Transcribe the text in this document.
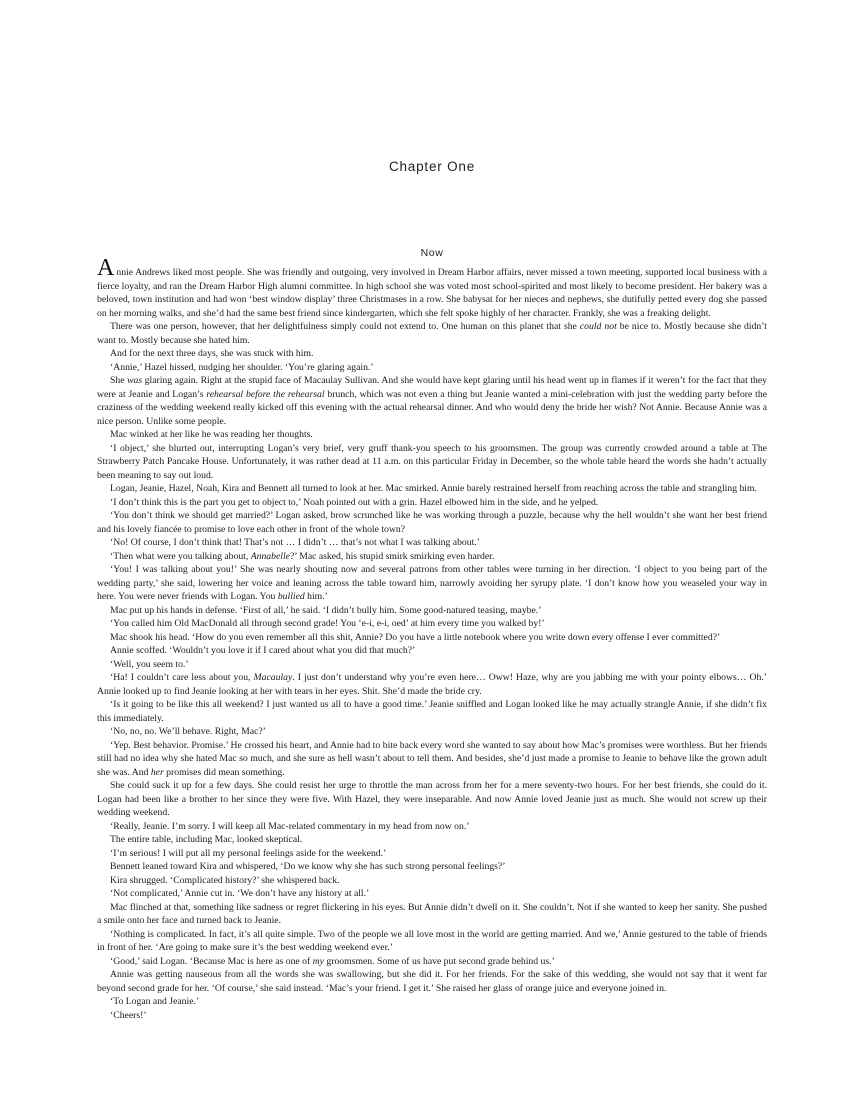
Chapter One
Now

Annie Andrews liked most people. She was friendly and outgoing, very involved in Dream Harbor affairs, never missed a town meeting, supported local business with a fierce loyalty, and ran the Dream Harbor High alumni committee. In high school she was voted most school-spirited and most likely to become president. Her bakery was a beloved, town institution and had won ‘best window display’ three Christmases in a row. She babysat for her nieces and nephews, she dutifully petted every dog she passed on her morning walks, and she’d had the same best friend since kindergarten, which she felt spoke highly of her character. Frankly, she was a freaking delight.

There was one person, however, that her delightfulness simply could not extend to. One human on this planet that she could not be nice to. Mostly because she didn’t want to. Mostly because she hated him.

And for the next three days, she was stuck with him.

‘Annie,’ Hazel hissed, nudging her shoulder. ‘You’re glaring again.’

She was glaring again. Right at the stupid face of Macaulay Sullivan. And she would have kept glaring until his head went up in flames if it weren’t for the fact that they were at Jeanie and Logan’s rehearsal before the rehearsal brunch, which was not even a thing but Jeanie wanted a mini-celebration with just the wedding party before the craziness of the wedding weekend really kicked off this evening with the actual rehearsal dinner. And who would deny the bride her wish? Not Annie. Because Annie was a nice person. Unlike some people.

Mac winked at her like he was reading her thoughts.

‘I object,’ she blurted out, interrupting Logan’s very brief, very gruff thank-you speech to his groomsmen. The group was currently crowded around a table at The Strawberry Patch Pancake House. Unfortunately, it was rather dead at 11 a.m. on this particular Friday in December, so the whole table heard the words she hadn’t actually been meaning to say out loud.

Logan, Jeanie, Hazel, Noah, Kira and Bennett all turned to look at her. Mac smirked. Annie barely restrained herself from reaching across the table and strangling him.

‘I don’t think this is the part you get to object to,’ Noah pointed out with a grin. Hazel elbowed him in the side, and he yelped.

‘You don’t think we should get married?’ Logan asked, brow scrunched like he was working through a puzzle, because why the hell wouldn’t she want her best friend and his lovely fiancée to promise to love each other in front of the whole town?

‘No! Of course, I don’t think that! That’s not … I didn’t … that’s not what I was talking about.’

‘Then what were you talking about, Annabelle?’ Mac asked, his stupid smirk smirking even harder.

‘You! I was talking about you!’ She was nearly shouting now and several patrons from other tables were turning in her direction. ‘I object to you being part of the wedding party,’ she said, lowering her voice and leaning across the table toward him, narrowly avoiding her syrupy plate. ‘I don’t know how you weaseled your way in here. You were never friends with Logan. You bullied him.’

Mac put up his hands in defense. ‘First of all,’ he said. ‘I didn’t bully him. Some good-natured teasing, maybe.’

‘You called him Old MacDonald all through second grade! You ‘e-i, e-i, oed’ at him every time you walked by!’

Mac shook his head. ‘How do you even remember all this shit, Annie? Do you have a little notebook where you write down every offense I ever committed?’

Annie scoffed. ‘Wouldn’t you love it if I cared about what you did that much?’

‘Well, you seem to.’

‘Ha! I couldn’t care less about you, Macaulay. I just don’t understand why you’re even here… Oww! Haze, why are you jabbing me with your pointy elbows… Oh.’ Annie looked up to find Jeanie looking at her with tears in her eyes. Shit. She’d made the bride cry.

‘Is it going to be like this all weekend? I just wanted us all to have a good time.’ Jeanie sniffled and Logan looked like he may actually strangle Annie, if she didn’t fix this immediately.

‘No, no, no. We’ll behave. Right, Mac?’

‘Yep. Best behavior. Promise.’ He crossed his heart, and Annie had to bite back every word she wanted to say about how Mac’s promises were worthless. But her friends still had no idea why she hated Mac so much, and she sure as hell wasn’t about to tell them. And besides, she’d just made a promise to Jeanie to behave like the grown adult she was. And her promises did mean something.

She could suck it up for a few days. She could resist her urge to throttle the man across from her for a mere seventy-two hours. For her best friends, she could do it. Logan had been like a brother to her since they were five. With Hazel, they were inseparable. And now Annie loved Jeanie just as much. She would not screw up their wedding weekend.

‘Really, Jeanie. I’m sorry. I will keep all Mac-related commentary in my head from now on.’

The entire table, including Mac, looked skeptical.

‘I’m serious! I will put all my personal feelings aside for the weekend.’

Bennett leaned toward Kira and whispered, ‘Do we know why she has such strong personal feelings?’

Kira shrugged. ‘Complicated history?’ she whispered back.

‘Not complicated,’ Annie cut in. ‘We don’t have any history at all.’

Mac flinched at that, something like sadness or regret flickering in his eyes. But Annie didn’t dwell on it. She couldn’t. Not if she wanted to keep her sanity. She pushed a smile onto her face and turned back to Jeanie.

‘Nothing is complicated. In fact, it’s all quite simple. Two of the people we all love most in the world are getting married. And we,’ Annie gestured to the table of friends in front of her. ‘Are going to make sure it’s the best wedding weekend ever.’

‘Good,’ said Logan. ‘Because Mac is here as one of my groomsmen. Some of us have put second grade behind us.’

Annie was getting nauseous from all the words she was swallowing, but she did it. For her friends. For the sake of this wedding, she would not say that it went far beyond second grade for her. ‘Of course,’ she said instead. ‘Mac’s your friend. I get it.’ She raised her glass of orange juice and everyone joined in.

‘To Logan and Jeanie.’

‘Cheers!’
